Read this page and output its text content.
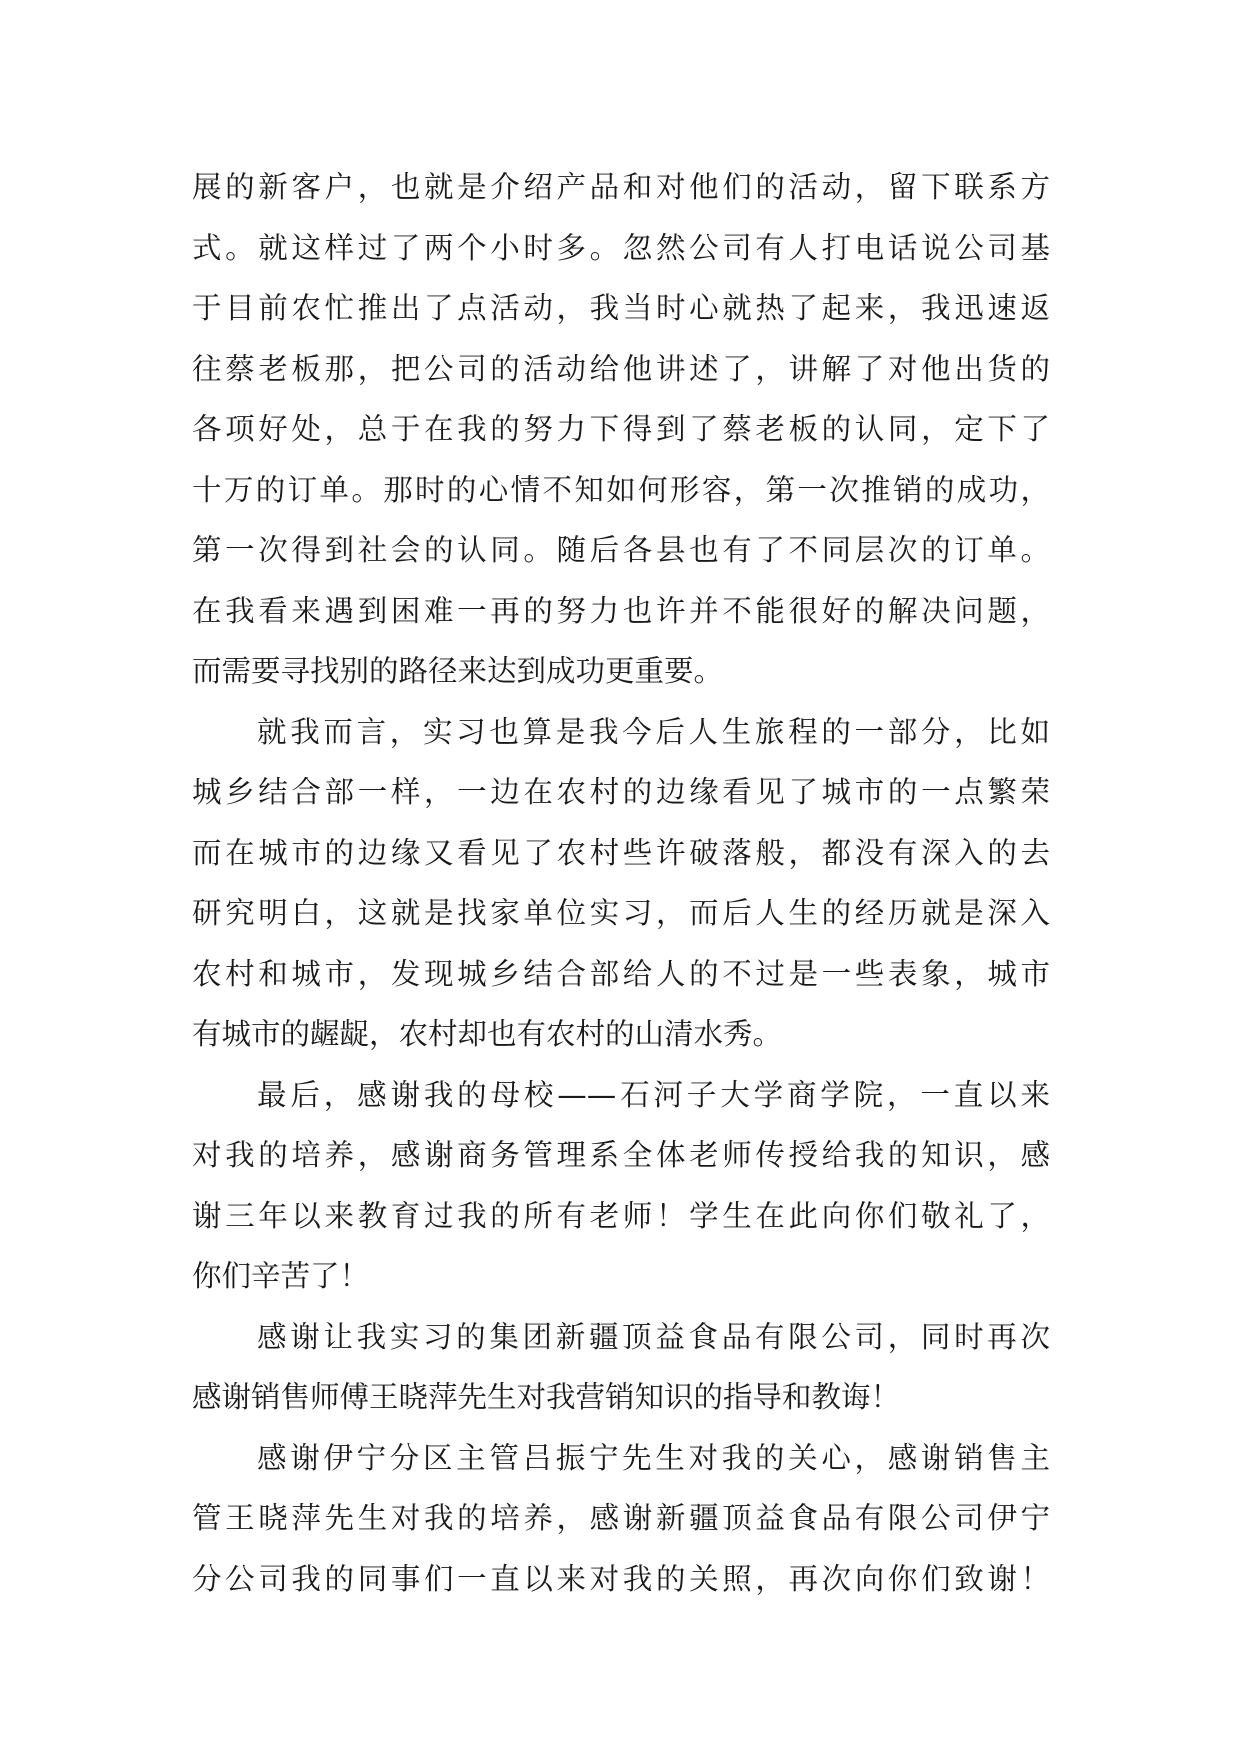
展的新客户，也就是介绍产品和对他们的活动，留下联系方
式。就这样过了两个小时多。忽然公司有人打电话说公司基
于目前农忙推出了点活动，我当时心就热了起来，我迅速返
往蔡老板那，把公司的活动给他讲述了，讲解了对他出货的
各项好处，总于在我的努力下得到了蔡老板的认同，定下了
十万的订单。那时的心情不知如何形容，第一次推销的成功，
第一次得到社会的认同。随后各县也有了不同层次的订单。
在我看来遇到困难一再的努力也许并不能很好的解决问题，
而需要寻找别的路径来达到成功更重要。
就我而言，实习也算是我今后人生旅程的一部分，比如
城乡结合部一样，一边在农村的边缘看见了城市的一点繁荣
而在城市的边缘又看见了农村些许破落般，都没有深入的去
研究明白，这就是找家单位实习，而后人生的经历就是深入
农村和城市，发现城乡结合部给人的不过是一些表象，城市
有城市的龌龊，农村却也有农村的山清水秀。
最后，感谢我的母校——石河子大学商学院，一直以来
对我的培养，感谢商务管理系全体老师传授给我的知识，感
谢三年以来教育过我的所有老师！学生在此向你们敬礼了，
你们辛苦了！
感谢让我实习的集团新疆顶益食品有限公司，同时再次
感谢销售师傅王晓萍先生对我营销知识的指导和教诲！
感谢伊宁分区主管吕振宁先生对我的关心，感谢销售主
管王晓萍先生对我的培养，感谢新疆顶益食品有限公司伊宁
分公司我的同事们一直以来对我的关照，再次向你们致谢！
